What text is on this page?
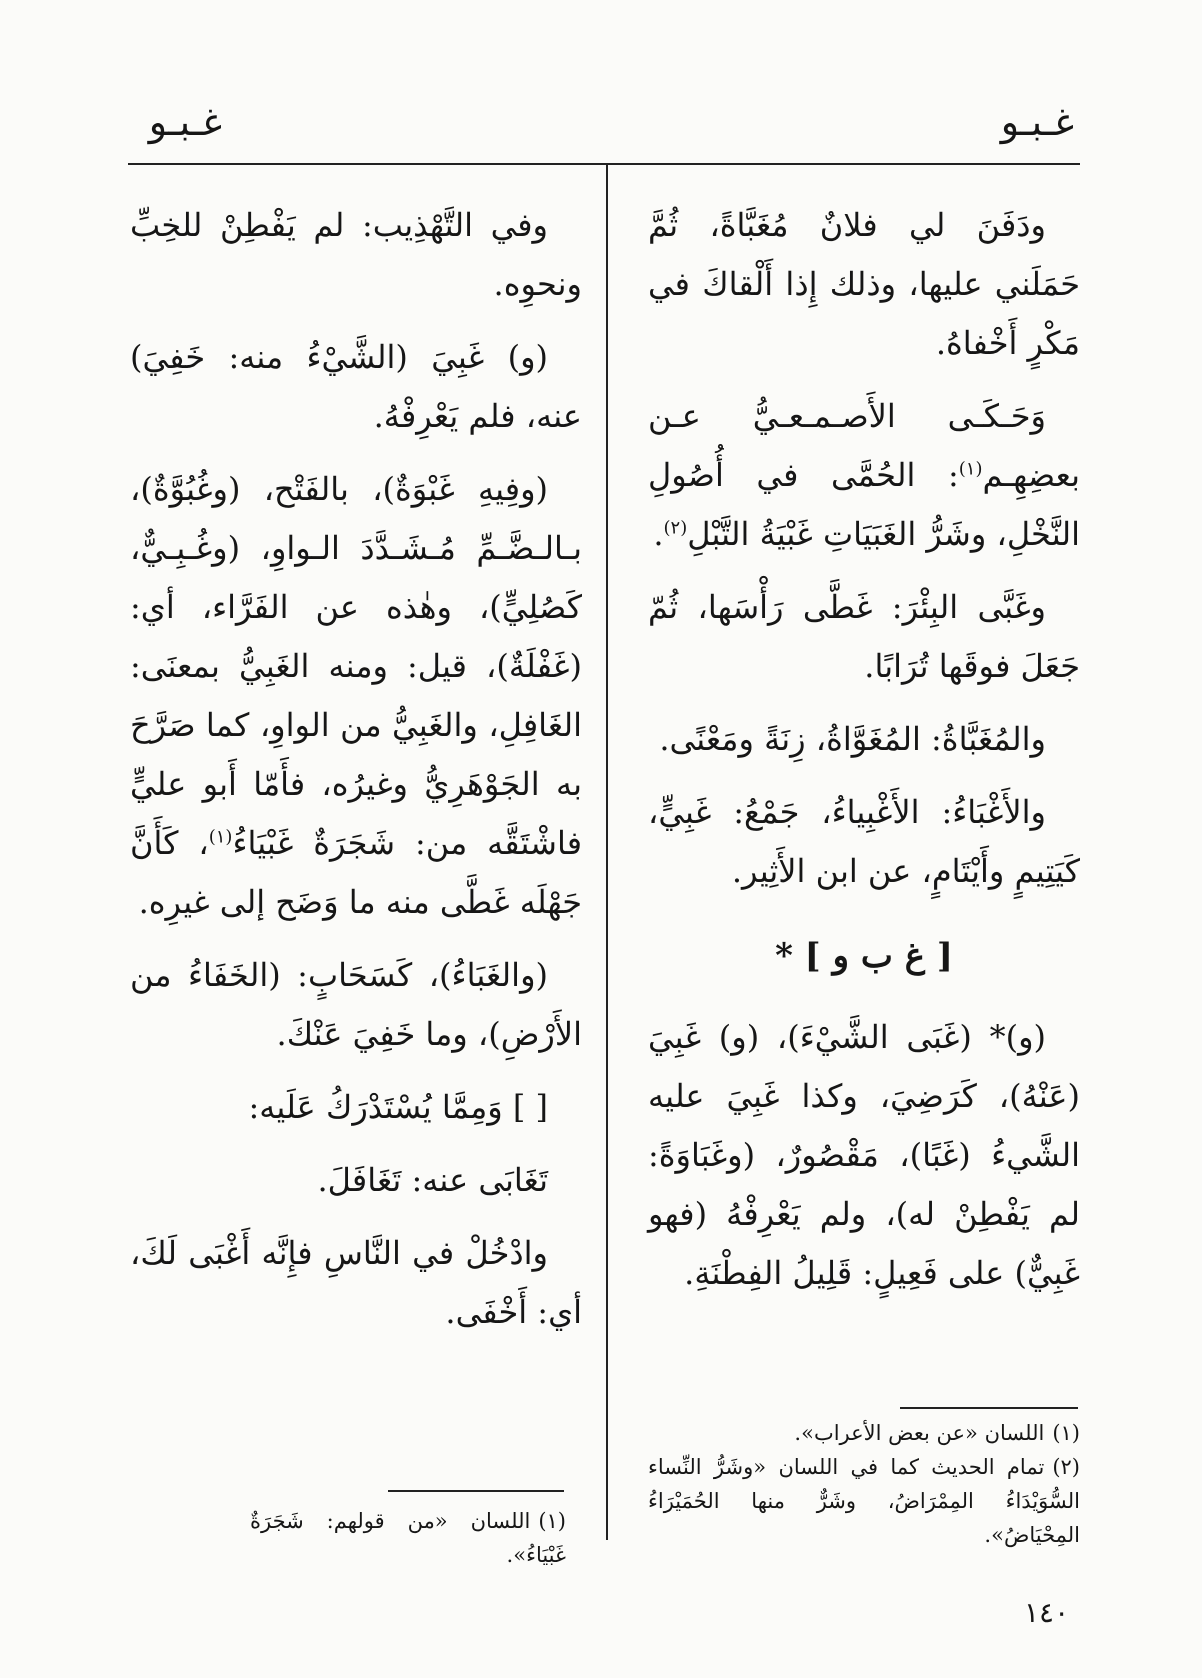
غـبـو
غـبـو

ودَفَنَ لي فلانٌ مُغَبَّاةً، ثُمَّ حَمَلَني عليها، وذلك إِذا أَلْقاكَ في مَكْرٍ أَخْفاهُ.

وَحَـكَـى الأَصـمـعـيُّ عـن بعضِهِـم$^{(١)}$: الحُمَّى في أُصُولِ النَّخْلِ، وشَرُّ الغَبَيَاتِ غَبْيَةُ التَّبْلِ$^{(٢)}$.

وغَبَّى البِئْرَ: غَطَّى رَأْسَها، ثُمّ جَعَلَ فوقَها تُرَابًا.

والمُغَبَّاةُ: المُغَوَّاةُ، زِنَةً ومَعْنًى.

والأَغْبَاءُ: الأَغْبِياءُ، جَمْعُ: غَبِيٍّ، كَيَتِيمٍ وأَيْتَامٍ، عن ابن الأَثِير.

[ غ ب و ] *

(و)* (غَبَى الشَّيْءَ)، (و) غَبِيَ (عَنْهُ)، كَرَضِيَ، وكذا غَبِيَ عليه الشَّيءُ (غَبًا)، مَقْصُورٌ، (وغَبَاوَةً: لم يَفْطِنْ له)، ولم يَعْرِفْهُ (فهو غَبِيٌّ) على فَعِيلٍ: قَلِيلُ الفِطْنَةِ.

(١)اللسان «عن بعض الأعراب».

(٢)تمام الحديث كما في اللسان «وشَرُّ النِّساء السُّوَيْدَاءُ المِمْرَاضُ، وشَرٌّ منها الحُمَيْرَاءُ المِحْيَاضُ».

وفي التَّهْذِيب: لم يَفْطِنْ للخِبِّ ونحوِه.

(و) غَبِيَ (الشَّيْءُ منه: خَفِيَ) عنه، فلم يَعْرِفْهُ.

(وفِيهِ غَبْوَةٌ)، بالفَتْح، (وغُبُوَّةٌ)، بـالـضَّـمِّ مُـشَـدَّدَ الـواوِ، (وغُـبِـيٌّ، كَصُلِيٍّ)، وهٰذه عن الفَرَّاء، أي: (غَفْلَةٌ)، قيل: ومنه الغَبِيُّ بمعنَى: الغَافِلِ، والغَبِيُّ من الواوِ، كما صَرَّحَ به الجَوْهَرِيُّ وغيرُه، فأَمّا أَبو عليٍّ فاشْتَقَّه من: شَجَرَةٌ غَبْيَاءُ$^{(١)}$، كَأَنَّ جَهْلَه غَطَّى منه ما وَضَح إلى غيرِه.

(والغَبَاءُ)، كَسَحَابٍ: (الخَفَاءُ من الأَرْضِ)، وما خَفِيَ عَنْكَ.

[ ] وَمِمَّا يُسْتَدْرَكُ عَلَيه:

تَغَابَى عنه: تَغَافَلَ.

وادْخُلْ في النَّاسِ فإِنَّه أَغْبَى لَكَ، أي: أَخْفَى.

(١)اللسان «من قولهم: شَجَرَةٌ غَبْيَاءُ».

١٤٠
